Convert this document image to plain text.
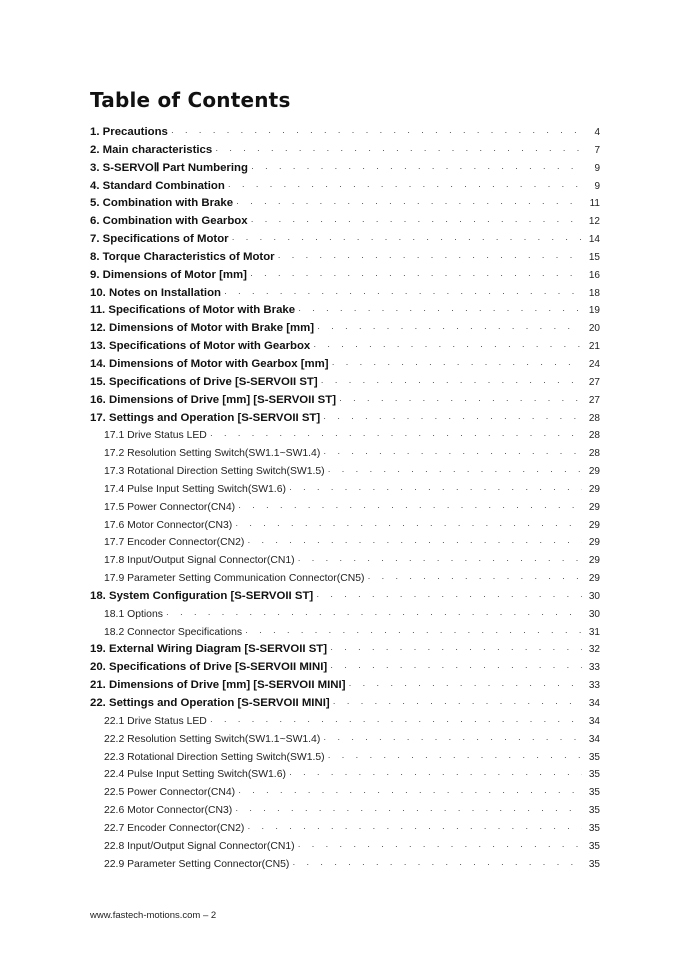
Table of Contents
1. Precautions · · ·	4
2. Main characteristics · · ·	7
3. S-SERVOⅡ Part Numbering · · ·	9
4. Standard Combination · · ·	9
5. Combination with Brake · · ·	11
6. Combination with Gearbox · · ·	12
7. Specifications of Motor · · ·	14
8. Torque Characteristics of Motor · · ·	15
9. Dimensions of Motor [mm] · · ·	16
10. Notes on Installation · · ·	18
11. Specifications of Motor with Brake · · ·	19
12. Dimensions of Motor with Brake [mm] · · ·	20
13. Specifications of Motor with Gearbox · · ·	21
14. Dimensions of Motor with Gearbox [mm] · · ·	24
15. Specifications of Drive [S-SERVOII ST] · · ·	27
16. Dimensions of Drive [mm] [S-SERVOII ST] · · ·	27
17. Settings and Operation [S-SERVOII ST] · · ·	28
17.1 Drive Status LED · · ·	28
17.2 Resolution Setting Switch(SW1.1~SW1.4) · · ·	28
17.3 Rotational Direction Setting Switch(SW1.5) · · ·	29
17.4 Pulse Input Setting Switch(SW1.6) · · ·	29
17.5 Power Connector(CN4) · · ·	29
17.6 Motor Connector(CN3) · · ·	29
17.7 Encoder Connector(CN2) · · ·	29
17.8 Input/Output Signal Connector(CN1) · · ·	29
17.9 Parameter Setting Communication Connector(CN5) · · ·	29
18. System Configuration [S-SERVOII ST] · · ·	30
18.1 Options · · ·	30
18.2 Connector Specifications · · ·	31
19. External Wiring Diagram [S-SERVOII ST] · · ·	32
20. Specifications of Drive [S-SERVOII MINI] · · ·	33
21. Dimensions of Drive [mm] [S-SERVOII MINI] · · ·	33
22. Settings and Operation [S-SERVOII MINI] · · ·	34
22.1 Drive Status LED · · ·	34
22.2 Resolution Setting Switch(SW1.1~SW1.4) · · ·	34
22.3 Rotational Direction Setting Switch(SW1.5) · · ·	35
22.4 Pulse Input Setting Switch(SW1.6) · · ·	35
22.5 Power Connector(CN4) · · ·	35
22.6 Motor Connector(CN3) · · ·	35
22.7 Encoder Connector(CN2) · · ·	35
22.8 Input/Output Signal Connector(CN1) · · ·	35
22.9 Parameter Setting Connector(CN5) · · ·	35
www.fastech-motions.com – 2
